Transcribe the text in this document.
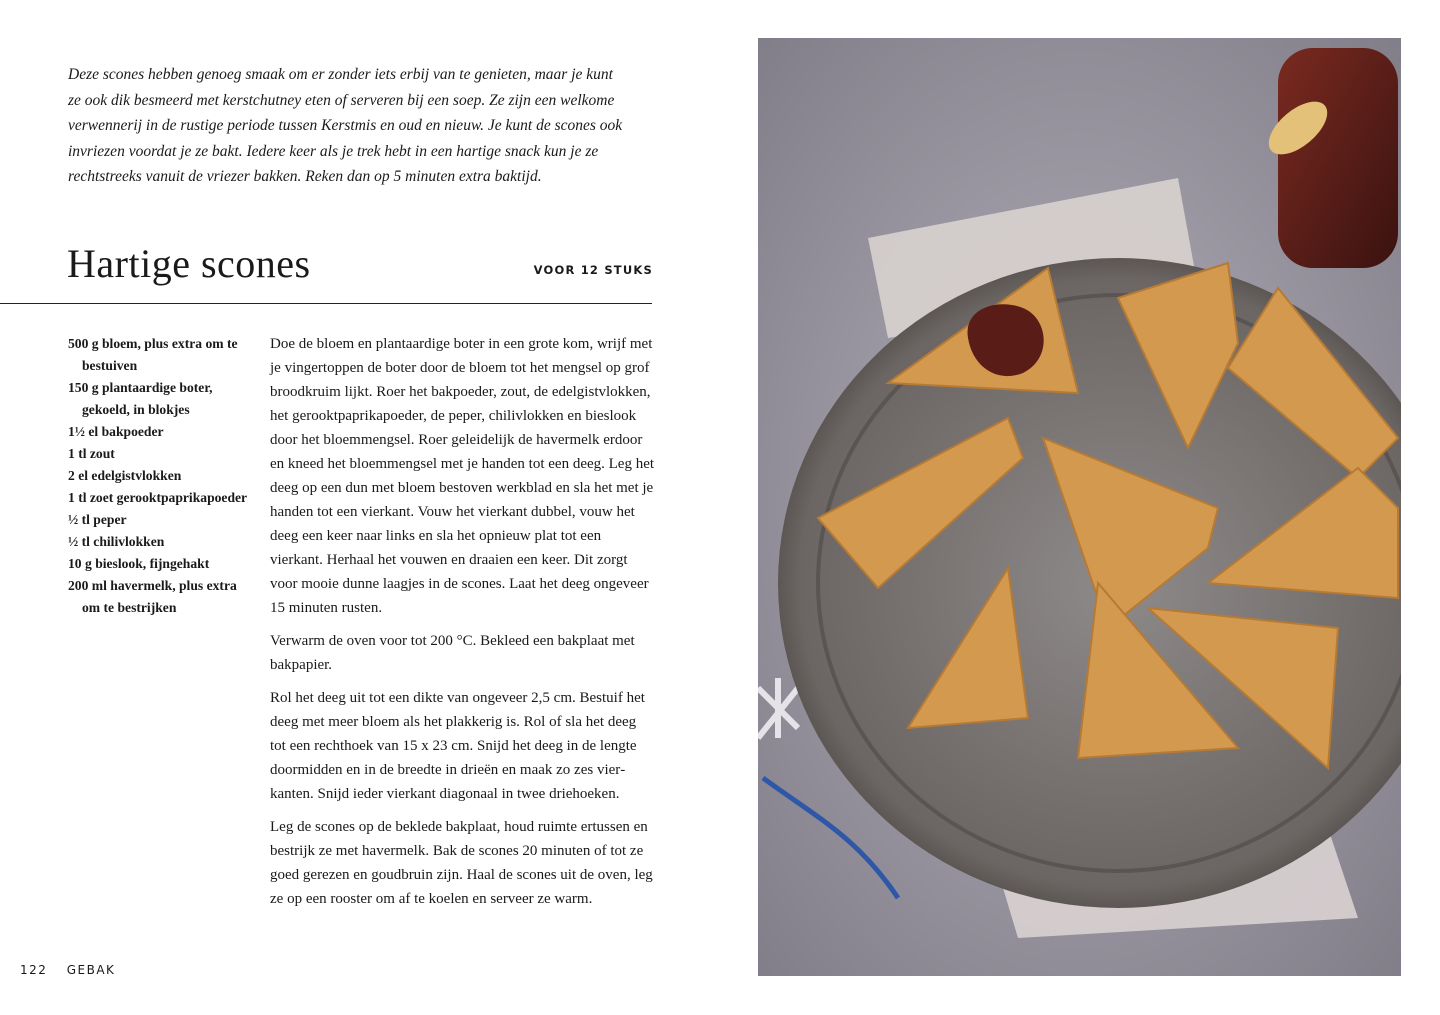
Deze scones hebben genoeg smaak om er zonder iets erbij van te genieten, maar je kunt ze ook dik besmeerd met kerstchutney eten of serveren bij een soep. Ze zijn een welkome verwennerij in de rustige periode tussen Kerstmis en oud en nieuw. Je kunt de scones ook invriezen voordat je ze bakt. Iedere keer als je trek hebt in een hartige snack kun je ze rechtstreeks vanuit de vriezer bakken. Reken dan op 5 minuten extra baktijd.

Hartige scones	VOOR 12 STUKS
500 g bloem, plus extra om te bestuiven
150 g plantaardige boter, gekoeld, in blokjes
1½ el bakpoeder
1 tl zout
2 el edelgistvlokken
1 tl zoet gerooktpaprikapoeder
½ tl peper
½ tl chilivlokken
10 g bieslook, fijngehakt
200 ml havermelk, plus extra om te bestrijken

Doe de bloem en plantaardige boter in een grote kom, wrijf met je vingertoppen de boter door de bloem tot het mengsel op grof broodkruim lijkt. Roer het bakpoeder, zout, de edelgistvlokken, het gerooktpaprikapoeder, de peper, chilivlokken en bieslook door het bloemmengsel. Roer geleidelijk de havermelk erdoor en kneed het bloemmengsel met je handen tot een deeg. Leg het deeg op een dun met bloem bestoven werkblad en sla het met je handen tot een vierkant. Vouw het vierkant dubbel, vouw het deeg een keer naar links en sla het opnieuw plat tot een vierkant. Herhaal het vouwen en draaien een keer. Dit zorgt voor mooie dunne laagjes in de scones. Laat het deeg ongeveer 15 minuten rusten.

Verwarm de oven voor tot 200 °C. Bekleed een bakplaat met bakpapier.

Rol het deeg uit tot een dikte van ongeveer 2,5 cm. Bestuif het deeg met meer bloem als het plakkerig is. Rol of sla het deeg tot een rechthoek van 15 x 23 cm. Snijd het deeg in de lengte doormidden en in de breedte in drieën en maak zo zes vierkanten. Snijd ieder vierkant diagonaal in twee driehoeken.

Leg de scones op de beklede bakplaat, houd ruimte ertussen en bestrijk ze met havermelk. Bak de scones 20 minuten of tot ze goed gerezen en goudbruin zijn. Haal de scones uit de oven, leg ze op een rooster om af te koelen en serveer ze warm.

122 GEBAK
